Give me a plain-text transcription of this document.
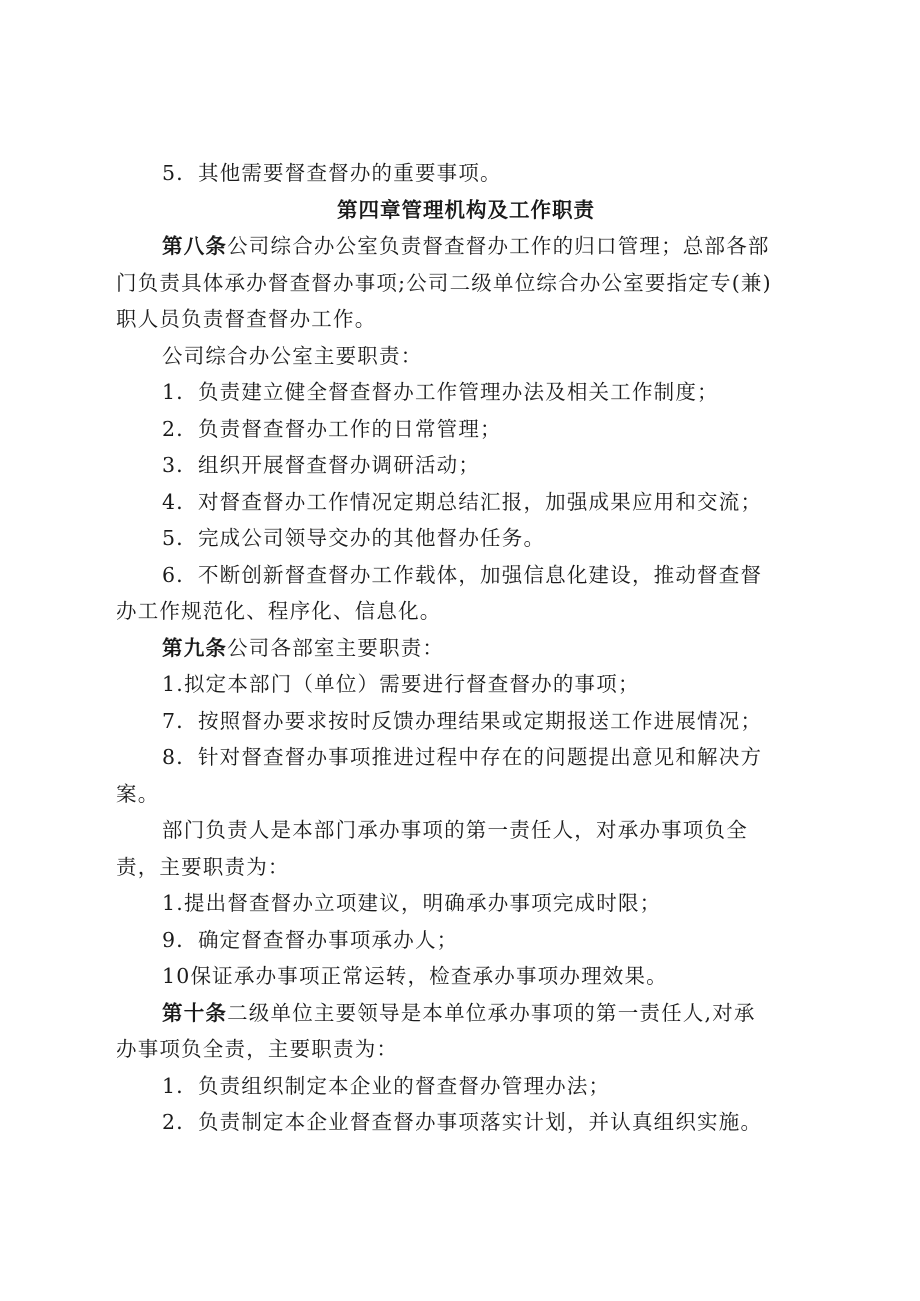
5．其他需要督查督办的重要事项。
第四章管理机构及工作职责
第八条公司综合办公室负责督查督办工作的归口管理；总部各部
门负责具体承办督查督办事项;公司二级单位综合办公室要指定专(兼)
职人员负责督查督办工作。
公司综合办公室主要职责：
1．负责建立健全督查督办工作管理办法及相关工作制度；
2．负责督查督办工作的日常管理；
3．组织开展督查督办调研活动；
4．对督查督办工作情况定期总结汇报，加强成果应用和交流；
5．完成公司领导交办的其他督办任务。
6．不断创新督查督办工作载体，加强信息化建设，推动督查督
办工作规范化、程序化、信息化。
第九条公司各部室主要职责：
1.拟定本部门（单位）需要进行督查督办的事项；
7．按照督办要求按时反馈办理结果或定期报送工作进展情况；
8．针对督查督办事项推进过程中存在的问题提出意见和解决方
案。
部门负责人是本部门承办事项的第一责任人，对承办事项负全
责，主要职责为：
1.提出督查督办立项建议，明确承办事项完成时限；
9．确定督查督办事项承办人；
10保证承办事项正常运转，检查承办事项办理效果。
第十条二级单位主要领导是本单位承办事项的第一责任人,对承
办事项负全责，主要职责为：
1．负责组织制定本企业的督查督办管理办法；
2．负责制定本企业督查督办事项落实计划，并认真组织实施。
